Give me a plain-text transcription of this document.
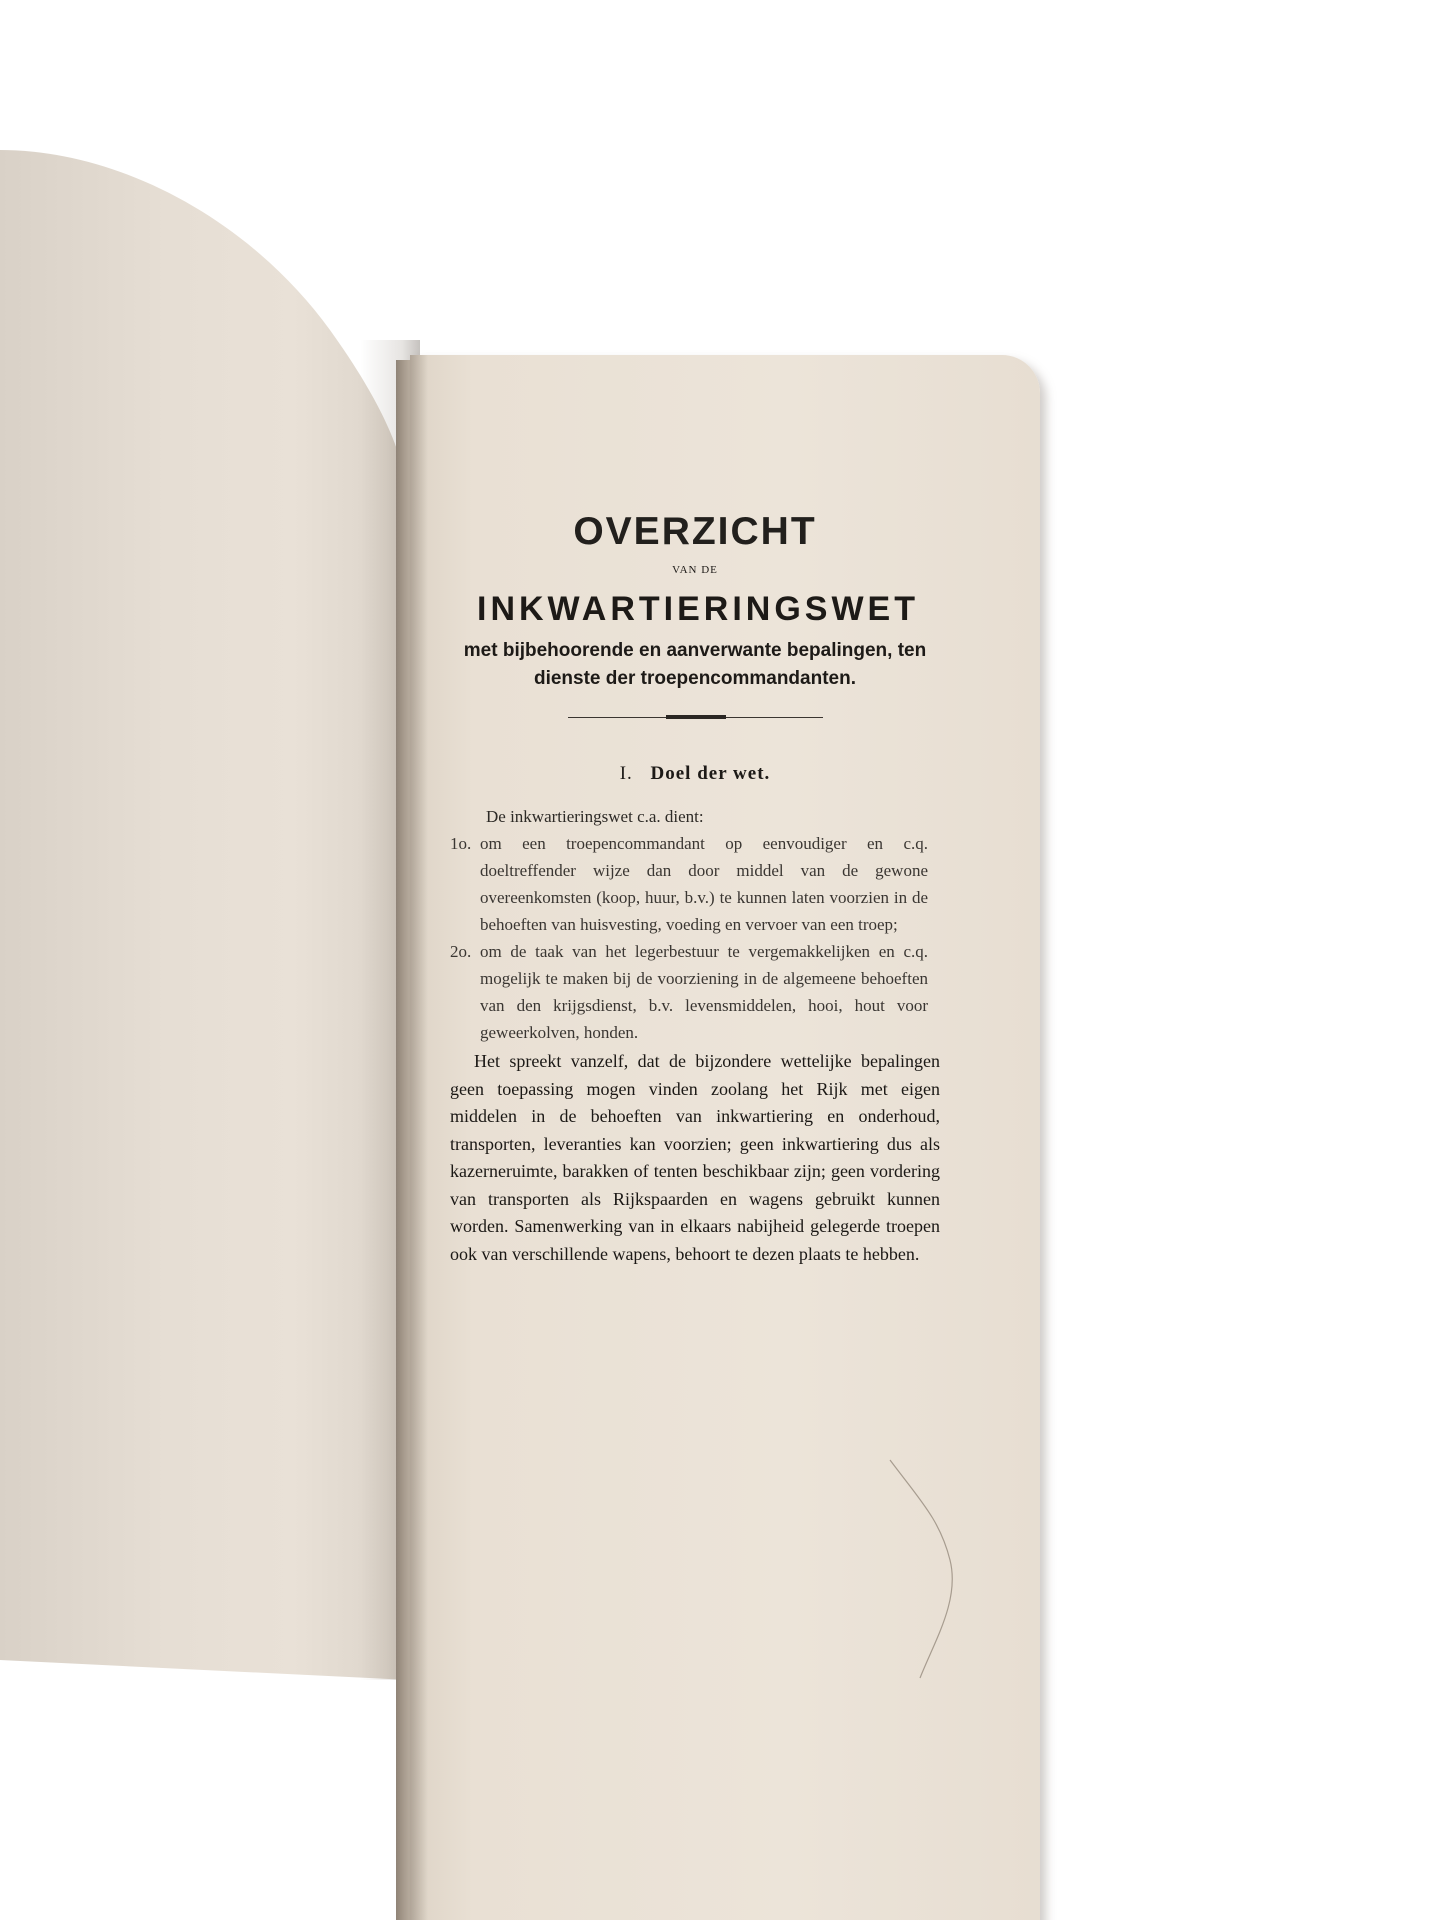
OVERZICHT
VAN DE
INKWARTIERINGSWET
met bijbehoorende en aanverwante bepalingen, ten dienste der troepencommandanten.
I. Doel der wet.
De inkwartieringswet c.a. dient:
1o. om een troepencommandant op eenvoudiger en c.q. doeltreffender wijze dan door middel van de gewone overeenkomsten (koop, huur, b.v.) te kunnen laten voorzien in de behoeften van huisvesting, voeding en vervoer van een troep;
2o. om de taak van het legerbestuur te vergemakkelijken en c.q. mogelijk te maken bij de voorziening in de algemeene behoeften van den krijgsdienst, b.v. levensmiddelen, hooi, hout voor geweerkolven, honden.
Het spreekt vanzelf, dat de bijzondere wettelijke bepalingen geen toepassing mogen vinden zoolang het Rijk met eigen middelen in de behoeften van inkwartiering en onderhoud, transporten, leveranties kan voorzien; geen inkwartiering dus als kazerneruimte, barakken of tenten beschikbaar zijn; geen vordering van transporten als Rijkspaarden en wagens gebruikt kunnen worden. Samenwerking van in elkaars nabijheid gelegerde troepen ook van verschillende wapens, behoort te dezen plaats te hebben.
